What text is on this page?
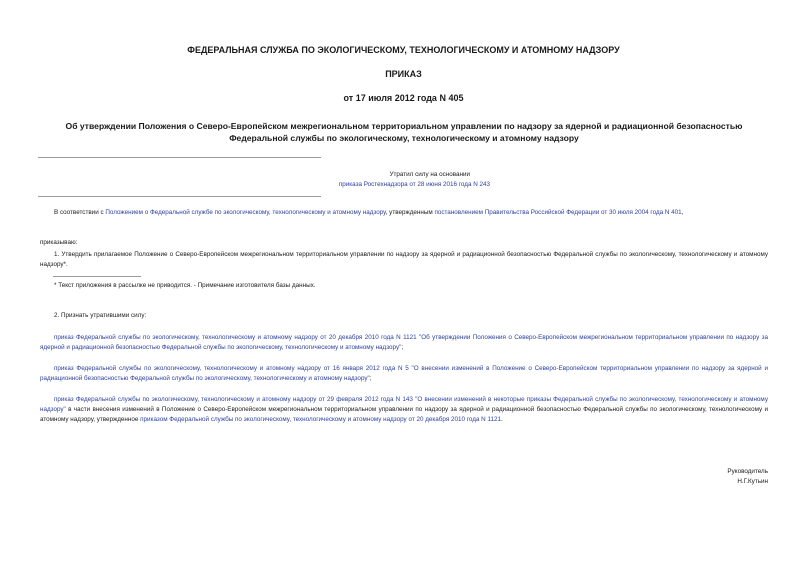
ФЕДЕРАЛЬНАЯ СЛУЖБА ПО ЭКОЛОГИЧЕСКОМУ, ТЕХНОЛОГИЧЕСКОМУ И АТОМНОМУ НАДЗОРУ
ПРИКАЗ
от 17 июля 2012 года N 405
Об утверждении Положения о Северо-Европейском межрегиональном территориальном управлении по надзору за ядерной и радиационной безопасностью
Федеральной службы по экологическому, технологическому и атомному надзору
Утратил силу на основании
приказа Ростехнадзора от 28 июня 2016 года N 243
В соответствии с Положением о Федеральной службе по экологическому, технологическому и атомному надзору, утвержденным постановлением Правительства Российской Федерации от 30 июля 2004 года N 401,
приказываю:
1. Утвердить прилагаемое Положение о Северо-Европейском межрегиональном территориальном управлении по надзору за ядерной и радиационной безопасностью Федеральной службы по экологическому, технологическому и атомному надзору*.
* Текст приложения в рассылке не приводится. - Примечание изготовителя базы данных.
2. Признать утратившими силу:
приказ Федеральной службы по экологическому, технологическому и атомному надзору от 20 декабря 2010 года N 1121 "Об утверждении Положения о Северо-Европейском межрегиональном территориальном управлении по надзору за ядерной и радиационной безопасностью Федеральной службы по экологическому, технологическому и атомному надзору";
приказ Федеральной службы по экологическому, технологическому и атомному надзору от 16 января 2012 года N 5 "О внесении изменений в Положение о Северо-Европейском территориальном управлении по надзору за ядерной и радиационной безопасностью Федеральной службы по экологическому, технологическому и атомному надзору";
приказ Федеральной службы по экологическому, технологическому и атомному надзору от 29 февраля 2012 года N 143 "О внесении изменений в некоторые приказы Федеральной службы по экологическому, технологическому и атомному надзору" в части внесения изменений в Положение о Северо-Европейском межрегиональном территориальном управлении по надзору за ядерной и радиационной безопасностью Федеральной службы по экологическому, технологическому и атомному надзору, утвержденное приказом Федеральной службы по экологическому, технологическому и атомному надзору от 20 декабря 2010 года N 1121.
Руководитель
Н.Г.Кутьин
